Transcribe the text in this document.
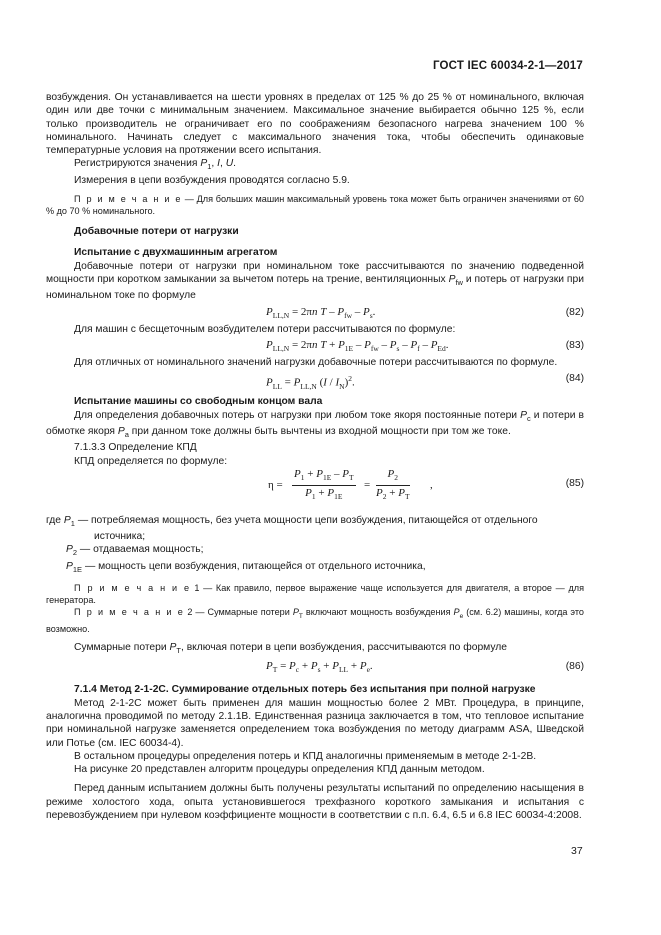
ГОСТ IEC 60034-2-1—2017

возбуждения. Он устанавливается на шести уровнях в пределах от 125 % до 25 % от номинального, включая один или две точки с минимальным значением. Максимальное значение выбирается обычно 125 %, если только производитель не ограничивает его по соображениям безопасного нагрева значением 100 % номинального. Начинать следует с максимального значения тока, чтобы обеспечить одинаковые температурные условия на протяжении всего испытания.

Регистрируются значения $P_1$, I, U.

Измерения в цепи возбуждения проводятся согласно 5.9.

П р и м е ч а н и е — Для больших машин максимальный уровень тока может быть ограничен значениями от 60 % до 70 % номинального.

Добавочные потери от нагрузки

Испытание с двухмашинным агрегатом

Добавочные потери от нагрузки при номинальном токе рассчитываются по значению подведенной мощности при коротком замыкании за вычетом потерь на трение, вентиляционных $P_{fw}$ и потерь от нагрузки при номинальном токе по формуле

$P_{LL,N} = 2\pi n$ T – $P_{fw} - P_s$.	(82)

Для машин с бесщеточным возбудителем потери рассчитываются по формуле:

$P_{LL,N} = 2\pi n$ $T + P_{1E} - P_{fw} - P_s - P_f - P_{Ed}$.	(83)

Для отличных от номинального значений нагрузки добавочные потери рассчитываются по формуле.

$P_{LL} = P_{LL,N}$ $(I / I_N)^2$.	(84)

Испытание машины со свободным концом вала

Для определения добавочных потерь от нагрузки при любом токе якоря постоянные потери $P_c$ и потери в обмотке якоря $P_a$ при данном токе должны быть вычтены из входной мощности при том же токе.

7.1.3.3 Определение КПД

КПД определяется по формуле:

η =
$P_1 + P_{1E} - P_T$
$P_1 + P_{1E}$
=
$P_2$
$P_2 + P_T$
,	(85)

где $P_1$ — потребляемая мощность, без учета мощности цепи возбуждения, питающейся от отдельного

источника;

$P_2$ — отдаваемая мощность;

$P_{1E}$ — мощность цепи возбуждения, питающейся от отдельного источника,

П р и м е ч а н и е 1 — Как правило, первое выражение чаще используется для двигателя, а второе — для генератора.

П р и м е ч а н и е 2 — Суммарные потери $P_T$ включают мощность возбуждения $P_e$ (см. 6.2) машины, когда это возможно.

Суммарные потери $P_T$, включая потери в цепи возбуждения, рассчитываются по формуле

$P_T = P_c + P_s + P_{LL} + P_e$.	(86)

7.1.4 Метод 2-1-2С. Суммирование отдельных потерь без испытания при полной нагрузке

Метод 2-1-2С может быть применен для машин мощностью более 2 МВт. Процедура, в принципе, аналогична проводимой по методу 2.1.1В. Единственная разница заключается в том, что тепловое испытание при номинальной нагрузке заменяется определением тока возбуждения по методу диаграмм ASA, Шведской или Потье (см. IEC 60034-4).

В остальном процедуры определения потерь и КПД аналогичны применяемым в методе 2-1-2В.

На рисунке 20 представлен алгоритм процедуры определения КПД данным методом.

Перед данным испытанием должны быть получены результаты испытаний по определению насыщения в режиме холостого хода, опыта установившегося трехфазного короткого замыкания и испытания с перевозбуждением при нулевом коэффициенте мощности в соответствии с п.п. 6.4, 6.5 и 6.8 IEC 60034-4:2008.

37
